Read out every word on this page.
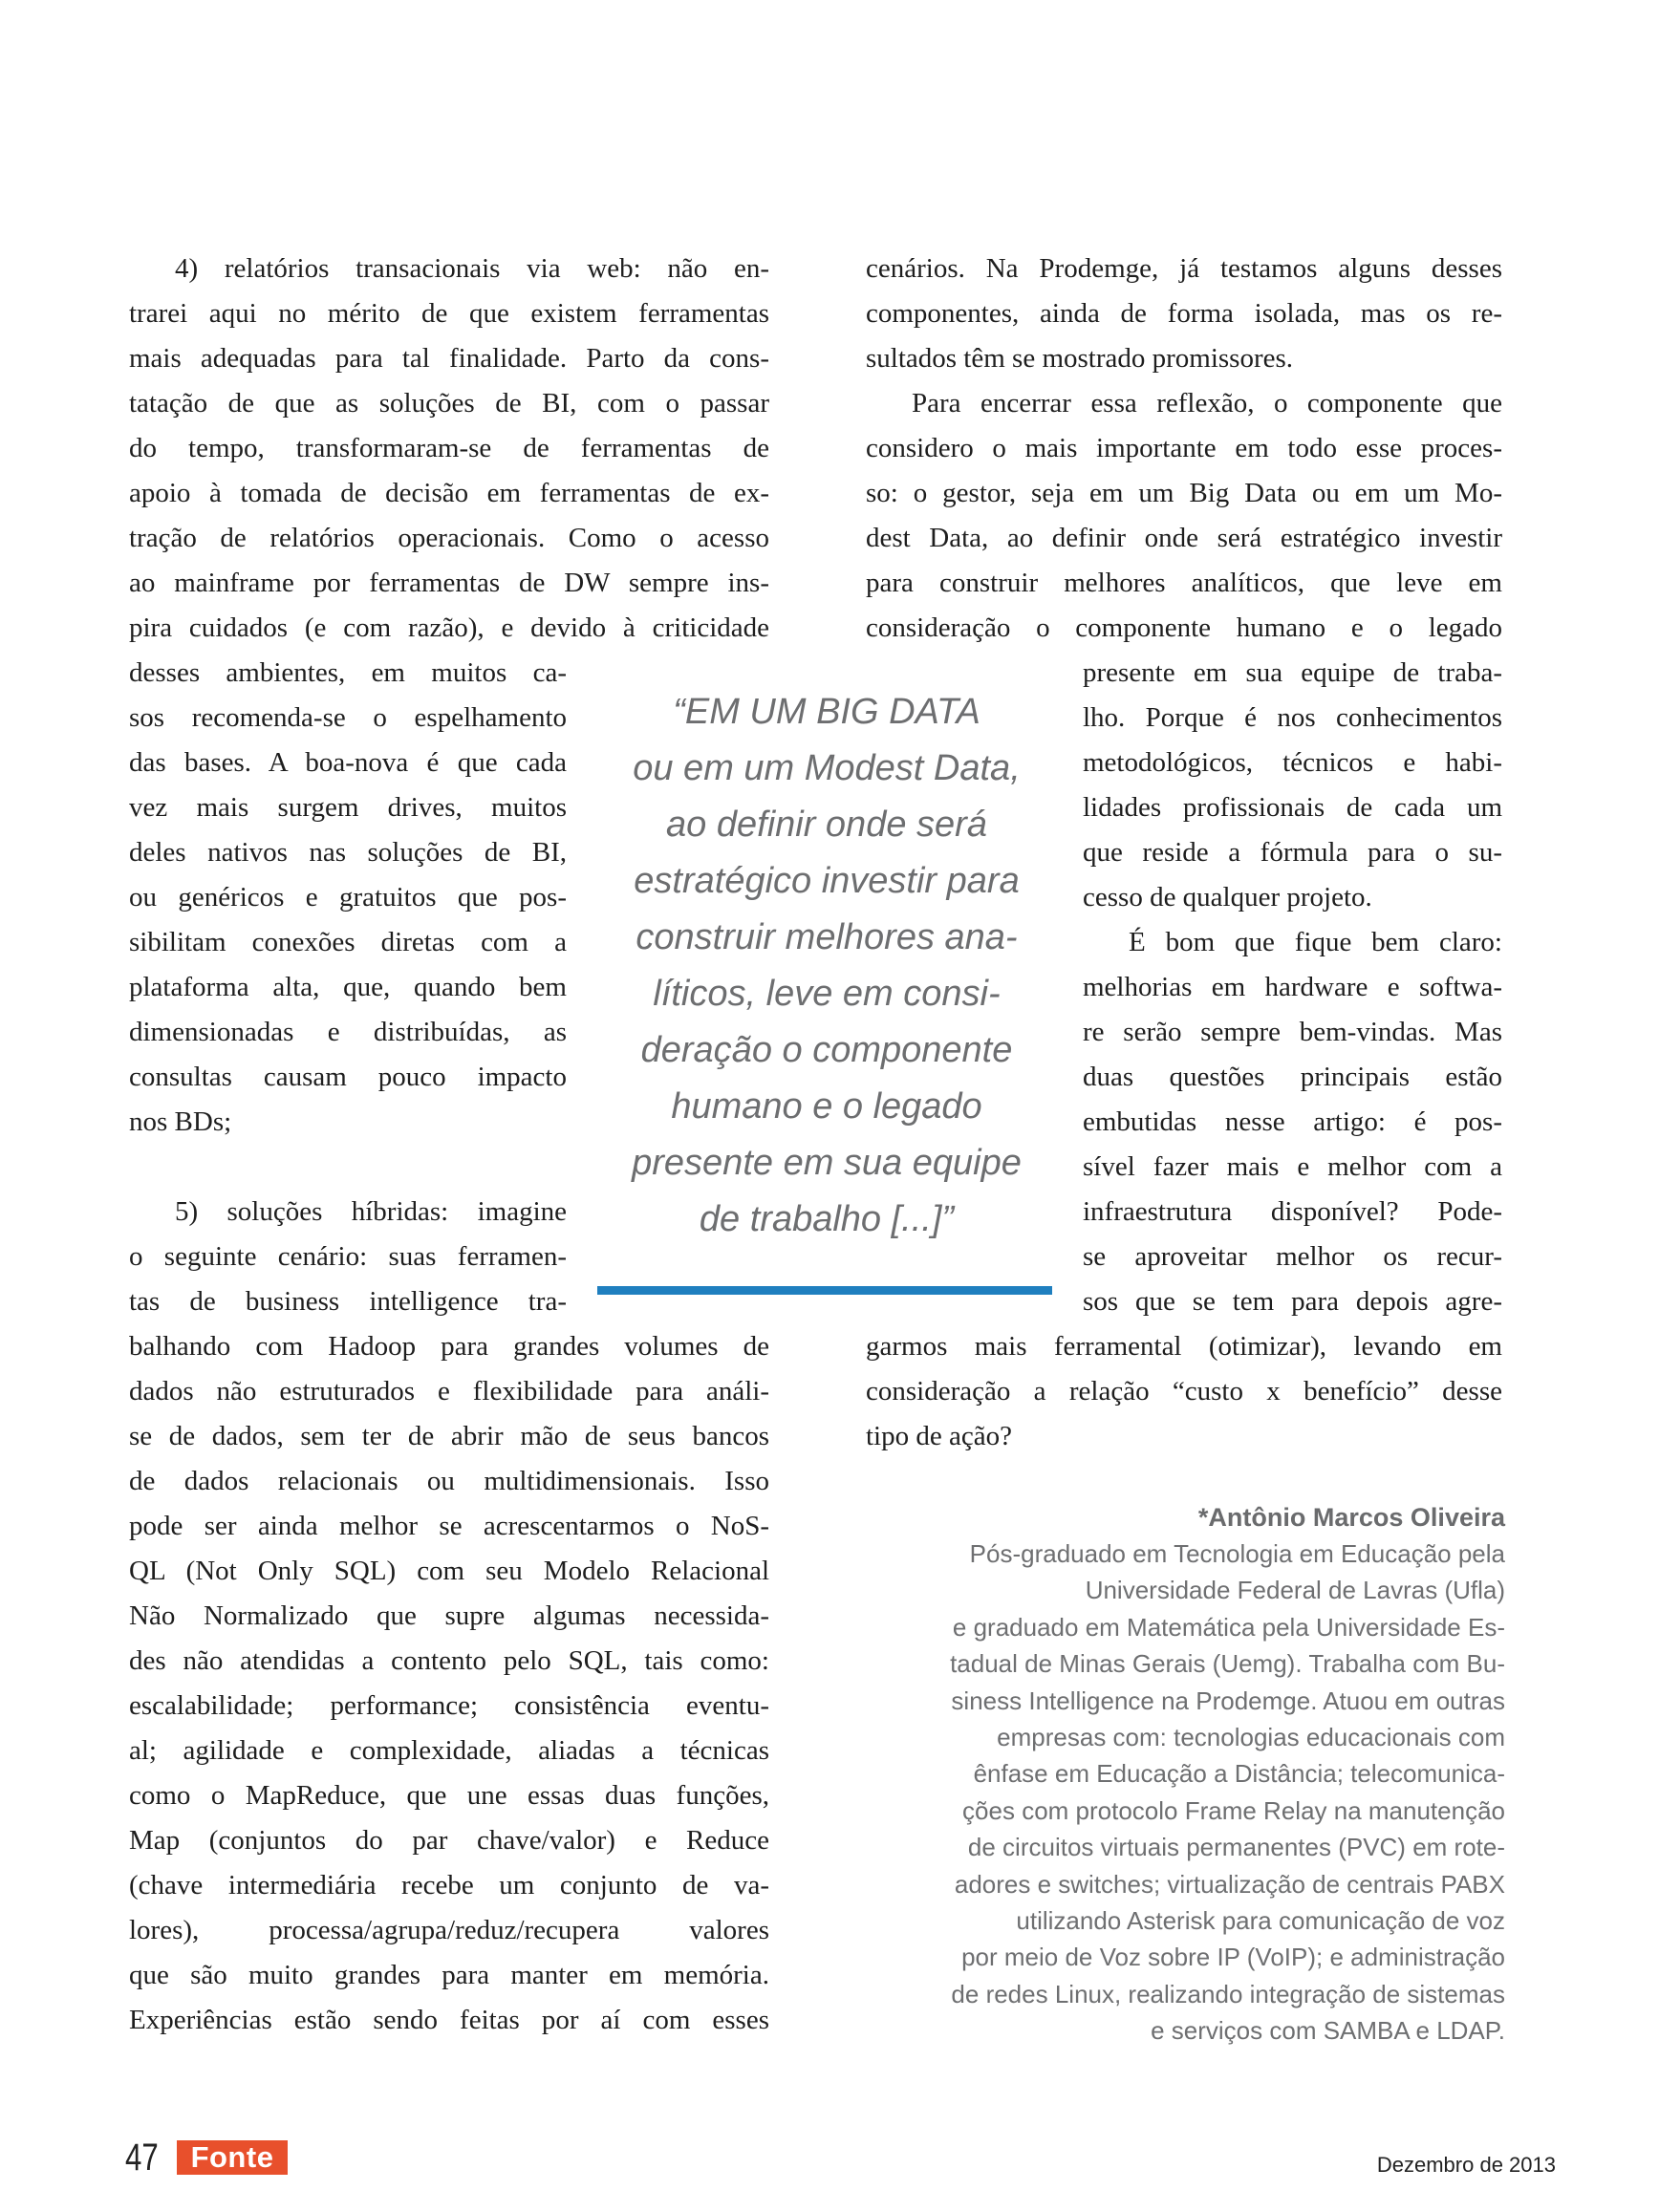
4) relatórios transacionais via web: não en-
trarei aqui no mérito de que existem ferramentas
mais adequadas para tal finalidade. Parto da cons-
tatação de que as soluções de BI, com o passar
do tempo, transformaram-se de ferramentas de
apoio à tomada de decisão em ferramentas de ex-
tração de relatórios operacionais. Como o acesso
ao mainframe por ferramentas de DW sempre ins-
pira cuidados (e com razão), e devido à criticidade
desses ambientes, em muitos ca-
sos recomenda-se o espelhamento
das bases. A boa-nova é que cada
vez mais surgem drives, muitos
deles nativos nas soluções de BI,
ou genéricos e gratuitos que pos-
sibilitam conexões diretas com a
plataforma alta, que, quando bem
dimensionadas e distribuídas, as
consultas causam pouco impacto
nos BDs;
5) soluções híbridas: imagine
o seguinte cenário: suas ferramen-
tas de business intelligence tra-
balhando com Hadoop para grandes volumes de
dados não estruturados e flexibilidade para análi-
se de dados, sem ter de abrir mão de seus bancos
de dados relacionais ou multidimensionais. Isso
pode ser ainda melhor se acrescentarmos o NoS-
QL (Not Only SQL) com seu Modelo Relacional
Não Normalizado que supre algumas necessida-
des não atendidas a contento pelo SQL, tais como:
escalabilidade; performance; consistência eventu-
al; agilidade e complexidade, aliadas a técnicas
como o MapReduce, que une essas duas funções,
Map (conjuntos do par chave/valor) e Reduce
(chave intermediária recebe um conjunto de va-
lores), processa/agrupa/reduz/recupera valores
que são muito grandes para manter em memória.
Experiências estão sendo feitas por aí com esses
cenários. Na Prodemge, já testamos alguns desses
componentes, ainda de forma isolada, mas os re-
sultados têm se mostrado promissores.
Para encerrar essa reflexão, o componente que
considero o mais importante em todo esse proces-
so: o gestor, seja em um Big Data ou em um Mo-
dest Data, ao definir onde será estratégico investir
para construir melhores analíticos, que leve em
consideração o componente humano e o legado
presente em sua equipe de traba-
lho. Porque é nos conhecimentos
metodológicos, técnicos e habi-
lidades profissionais de cada um
que reside a fórmula para o su-
cesso de qualquer projeto.
É bom que fique bem claro:
melhorias em hardware e softwa-
re serão sempre bem-vindas. Mas
duas questões principais estão
embutidas nesse artigo: é pos-
sível fazer mais e melhor com a
infraestrutura disponível? Pode-
se aproveitar melhor os recur-
sos que se tem para depois agre-
garmos mais ferramental (otimizar), levando em
consideração a relação “custo x benefício” desse
tipo de ação?
“EM UM BIG DATA
ou em um Modest Data,
ao definir onde será
estratégico investir para
construir melhores ana-
líticos, leve em consi-
deração o componente
humano e o legado
presente em sua equipe
de trabalho [...]”
*Antônio Marcos Oliveira
Pós-graduado em Tecnologia em Educação pela
Universidade Federal de Lavras (Ufla)
e graduado em Matemática pela Universidade Es-
tadual de Minas Gerais (Uemg). Trabalha com Bu-
siness Intelligence na Prodemge. Atuou em outras
empresas com: tecnologias educacionais com
ênfase em Educação a Distância; telecomunica-
ções com protocolo Frame Relay na manutenção
de circuitos virtuais permanentes (PVC) em rote-
adores e switches; virtualização de centrais PABX
utilizando Asterisk para comunicação de voz
por meio de Voz sobre IP (VoIP); e administração
de redes Linux, realizando integração de sistemas
e serviços com SAMBA e LDAP.
47	Fonte	Dezembro de 2013
